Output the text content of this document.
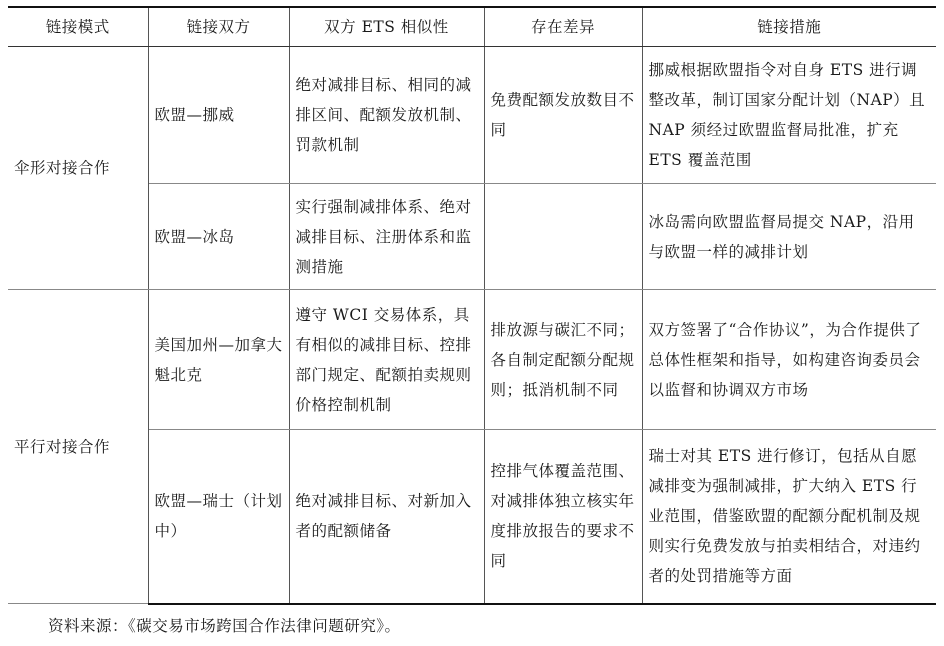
链接模式	链接双方	双方 ETS 相似性	存在差异	链接措施
伞形对接合作	欧盟—挪威	绝对减排目标、相同的减排区间、配额发放机制、罚款机制	免费配额发放数目不同	挪威根据欧盟指令对自身 ETS 进行调整改革，制订国家分配计划（NAP）且 NAP 须经过欧盟监督局批准，扩充 ETS 覆盖范围
	欧盟—冰岛	实行强制减排体系、绝对减排目标、注册体系和监测措施		冰岛需向欧盟监督局提交 NAP，沿用与欧盟一样的减排计划
平行对接合作	美国加州—加拿大魁北克	遵守 WCI 交易体系，具有相似的减排目标、控排部门规定、配额拍卖规则价格控制机制	排放源与碳汇不同；各自制定配额分配规则；抵消机制不同	双方签署了“合作协议”，为合作提供了总体性框架和指导，如构建咨询委员会以监督和协调双方市场
	欧盟—瑞士（计划中）	绝对减排目标、对新加入者的配额储备	控排气体覆盖范围、对减排体独立核实年度排放报告的要求不同	瑞士对其 ETS 进行修订，包括从自愿减排变为强制减排，扩大纳入 ETS 行业范围，借鉴欧盟的配额分配机制及规则实行免费发放与拍卖相结合，对违约者的处罚措施等方面
资料来源：《碳交易市场跨国合作法律问题研究》。
